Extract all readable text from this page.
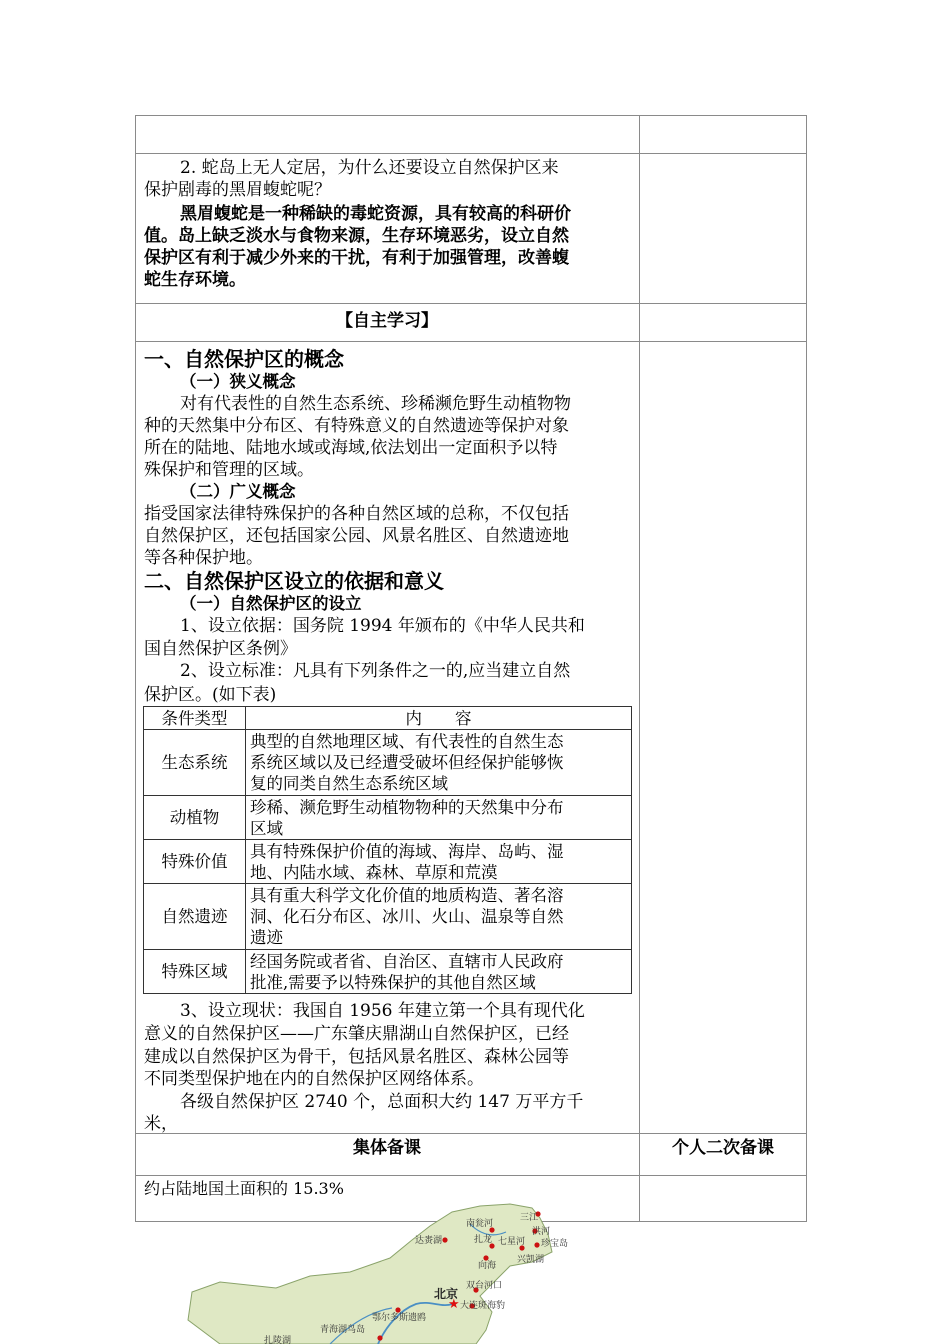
2. 蛇岛上无人定居，为什么还要设立自然保护区来
保护剧毒的黑眉蝮蛇呢？
黑眉蝮蛇是一种稀缺的毒蛇资源，具有较高的科研价
值。岛上缺乏淡水与食物来源，生存环境恶劣，设立自然
保护区有利于减少外来的干扰，有利于加强管理，改善蝮
蛇生存环境。
【自主学习】
一、自然保护区的概念
（一）狭义概念
对有代表性的自然生态系统、珍稀濒危野生动植物物
种的天然集中分布区、有特殊意义的自然遗迹等保护对象
所在的陆地、陆地水域或海域,依法划出一定面积予以特
殊保护和管理的区域。
（二）广义概念
指受国家法律特殊保护的各种自然区域的总称，不仅包括
自然保护区，还包括国家公园、风景名胜区、自然遗迹地
等各种保护地。
二、自然保护区设立的依据和意义
（一）自然保护区的设立
1、设立依据：国务院 1994 年颁布的《中华人民共和
国自然保护区条例》
2、设立标准：凡具有下列条件之一的,应当建立自然
保护区。(如下表)
条件类型	内　　容
生态系统	典型的自然地理区域、有代表性的自然生态
系统区域以及已经遭受破坏但经保护能够恢
复的同类自然生态系统区域

动植物	珍稀、濒危野生动植物物种的天然集中分布
区域

特殊价值	具有特殊保护价值的海域、海岸、岛屿、湿
地、内陆水域、森林、草原和荒漠

自然遗迹	具有重大科学文化价值的地质构造、著名溶
洞、化石分布区、冰川、火山、温泉等自然
遗迹

特殊区域	经国务院或者省、自治区、直辖市人民政府
批准,需要予以特殊保护的其他自然区域
3、设立现状：我国自 1956 年建立第一个具有现代化
意义的自然保护区——广东肇庆鼎湖山自然保护区，已经
建成以自然保护区为骨干，包括风景名胜区、森林公园等
不同类型保护地在内的自然保护区网络体系。
各级自然保护区 2740 个，总面积大约 147 万平方千
米，
集体备课	个人二次备课
约占陆地国土面积的 15.3%
★
三江
洪河
南瓮河
珍宝岛
达赉湖	扎龙 七星河
兴凯湖
向海
双台河口
大连斑海豹
鄂尔多斯遗鸥
青海湖鸟岛
扎陵湖
北京
